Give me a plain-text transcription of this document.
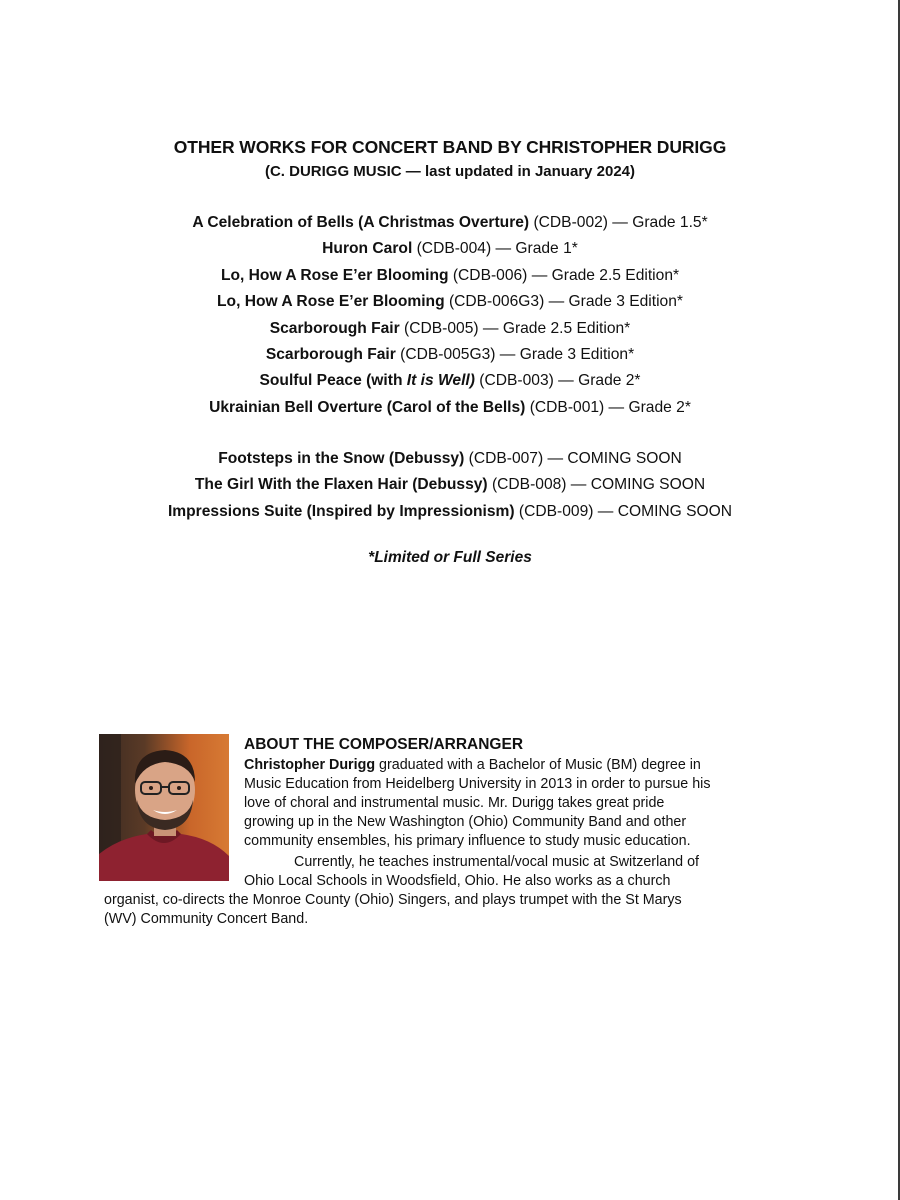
OTHER WORKS FOR CONCERT BAND BY CHRISTOPHER DURIGG
(C. DURIGG MUSIC — last updated in January 2024)
A Celebration of Bells (A Christmas Overture) (CDB-002) — Grade 1.5*
Huron Carol (CDB-004) — Grade 1*
Lo, How A Rose E’er Blooming (CDB-006) — Grade 2.5 Edition*
Lo, How A Rose E’er Blooming (CDB-006G3) — Grade 3 Edition*
Scarborough Fair (CDB-005) — Grade 2.5 Edition*
Scarborough Fair (CDB-005G3) — Grade 3 Edition*
Soulful Peace (with It is Well) (CDB-003) — Grade 2*
Ukrainian Bell Overture (Carol of the Bells) (CDB-001) — Grade 2*
Footsteps in the Snow (Debussy) (CDB-007) — COMING SOON
The Girl With the Flaxen Hair (Debussy) (CDB-008) — COMING SOON
Impressions Suite (Inspired by Impressionism) (CDB-009) — COMING SOON
*Limited or Full Series
ABOUT THE COMPOSER/ARRANGER
Christopher Durigg graduated with a Bachelor of Music (BM) degree in
Music Education from Heidelberg University in 2013 in order to pursue his
love of choral and instrumental music. Mr. Durigg takes great pride
growing up in the New Washington (Ohio) Community Band and other
community ensembles, his primary influence to study music education.
Currently, he teaches instrumental/vocal music at Switzerland of
Ohio Local Schools in Woodsfield, Ohio. He also works as a church
organist, co-directs the Monroe County (Ohio) Singers, and plays trumpet with the St Marys
(WV) Community Concert Band.
